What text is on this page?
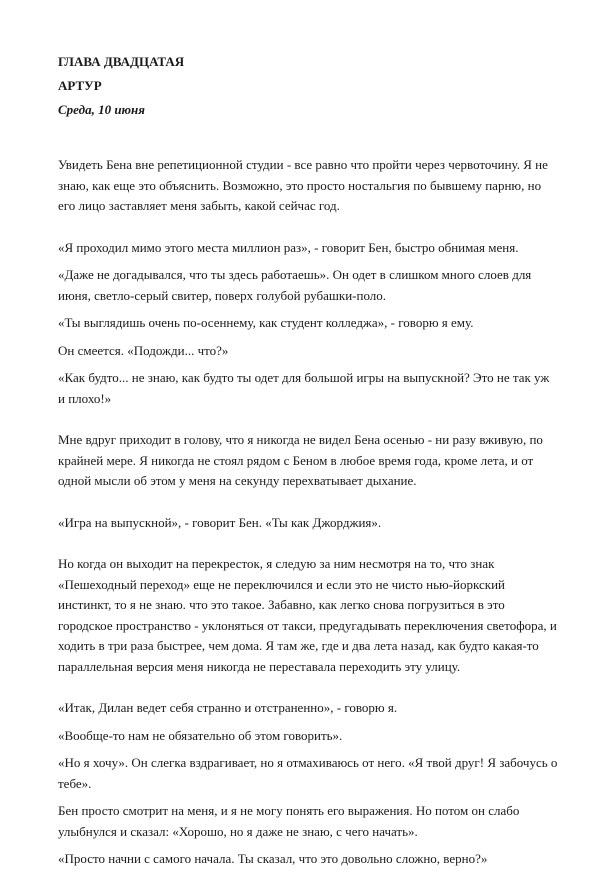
ГЛАВА ДВАДЦАТАЯ

АРТУР

Среда, 10 июня

Увидеть Бена вне репетиционной студии - все равно что пройти через червоточину. Я не знаю, как еще это объяснить. Возможно, это просто ностальгия по бывшему парню, но его лицо заставляет меня забыть, какой сейчас год.

«Я проходил мимо этого места миллион раз», - говорит Бен, быстро обнимая меня.

«Даже не догадывался, что ты здесь работаешь». Он одет в слишком много слоев для июня, светло-серый свитер, поверх голубой рубашки-поло.

«Ты выглядишь очень по-осеннему, как студент колледжа», - говорю я ему.

Он смеется. «Подожди... что?»

«Как будто... не знаю, как будто ты одет для большой игры на выпускной? Это не так уж и плохо!»

Мне вдруг приходит в голову, что я никогда не видел Бена осенью - ни разу вживую, по крайней мере. Я никогда не стоял рядом с Беном в любое время года, кроме лета, и от одной мысли об этом у меня на секунду перехватывает дыхание.

«Игра на выпускной», - говорит Бен. «Ты как Джорджия».

Но когда он выходит на перекресток, я следую за ним несмотря на то, что знак «Пешеходный переход» еще не переключился и если это не чисто нью-йоркский инстинкт, то я не знаю. что это такое. Забавно, как легко снова погрузиться в это городское пространство - уклоняться от такси, предугадывать переключения светофора, и ходить в три раза быстрее, чем дома. Я там же, где и два лета назад, как будто какая-то параллельная версия меня никогда не переставала переходить эту улицу.

«Итак, Дилан ведет себя странно и отстраненно», - говорю я.

«Вообще-то нам не обязательно об этом говорить».

«Но я хочу». Он слегка вздрагивает, но я отмахиваюсь от него. «Я твой друг! Я забочусь о тебе».

Бен просто смотрит на меня, и я не могу понять его выражения. Но потом он слабо улыбнулся и сказал: «Хорошо, но я даже не знаю, с чего начать».

«Просто начни с самого начала. Ты сказал, что это довольно сложно, верно?»
